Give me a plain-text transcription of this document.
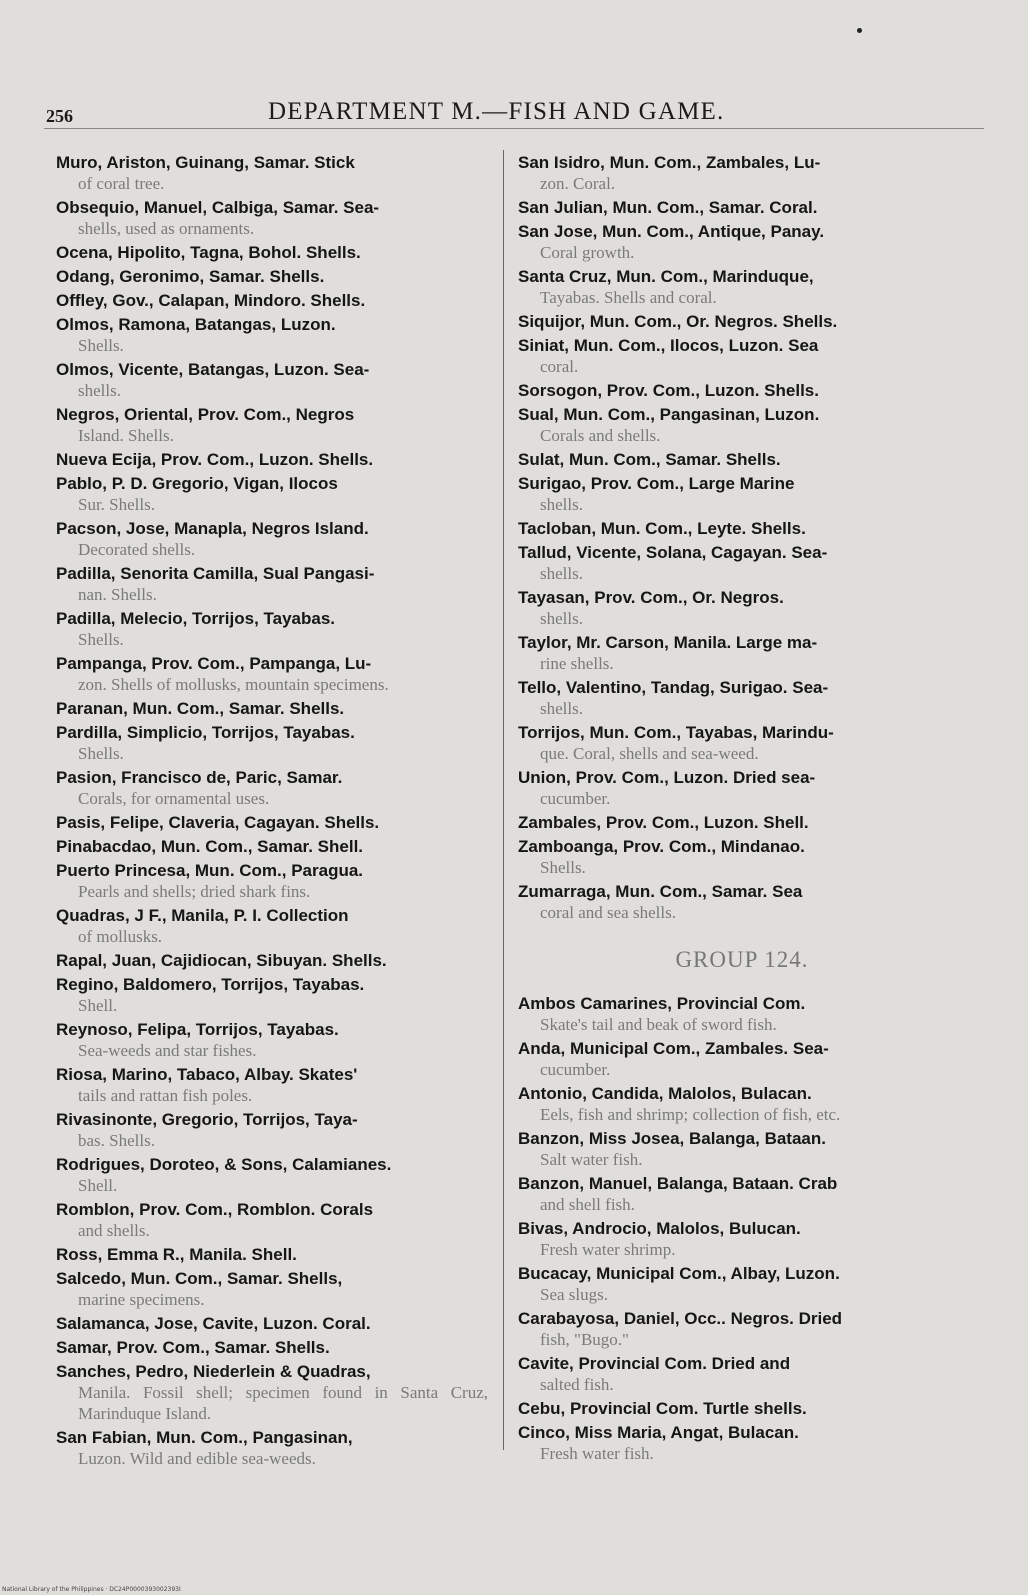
256	DEPARTMENT M.—FISH AND GAME.
Muro, Ariston, Guinang, Samar. Stick
of coral tree.
Obsequio, Manuel, Calbiga, Samar. Sea-
shells, used as ornaments.
Ocena, Hipolito, Tagna, Bohol. Shells.
Odang, Geronimo, Samar. Shells.
Offley, Gov., Calapan, Mindoro. Shells.
Olmos, Ramona, Batangas, Luzon.
Shells.
Olmos, Vicente, Batangas, Luzon. Sea-
shells.
Negros, Oriental, Prov. Com., Negros
Island. Shells.
Nueva Ecija, Prov. Com., Luzon. Shells.
Pablo, P. D. Gregorio, Vigan, Ilocos
Sur. Shells.
Pacson, Jose, Manapla, Negros Island.
Decorated shells.
Padilla, Senorita Camilla, Sual Pangasi-
nan. Shells.
Padilla, Melecio, Torrijos, Tayabas.
Shells.
Pampanga, Prov. Com., Pampanga, Lu-
zon. Shells of mollusks, mountain specimens.
Paranan, Mun. Com., Samar. Shells.
Pardilla, Simplicio, Torrijos, Tayabas.
Shells.
Pasion, Francisco de, Paric, Samar.
Corals, for ornamental uses.
Pasis, Felipe, Claveria, Cagayan. Shells.
Pinabacdao, Mun. Com., Samar. Shell.
Puerto Princesa, Mun. Com., Paragua.
Pearls and shells; dried shark fins.
Quadras, J F., Manila, P. I. Collection
of mollusks.
Rapal, Juan, Cajidiocan, Sibuyan. Shells.
Regino, Baldomero, Torrijos, Tayabas.
Shell.
Reynoso, Felipa, Torrijos, Tayabas.
Sea-weeds and star fishes.
Riosa, Marino, Tabaco, Albay. Skates'
tails and rattan fish poles.
Rivasinonte, Gregorio, Torrijos, Taya-
bas. Shells.
Rodrigues, Doroteo, & Sons, Calamianes.
Shell.
Romblon, Prov. Com., Romblon. Corals
and shells.
Ross, Emma R., Manila. Shell.
Salcedo, Mun. Com., Samar. Shells,
marine specimens.
Salamanca, Jose, Cavite, Luzon. Coral.
Samar, Prov. Com., Samar. Shells.
Sanches, Pedro, Niederlein & Quadras,
Manila. Fossil shell; specimen found in Santa Cruz, Marinduque Island.
San Fabian, Mun. Com., Pangasinan,
Luzon. Wild and edible sea-weeds.
San Isidro, Mun. Com., Zambales, Lu-
zon. Coral.
San Julian, Mun. Com., Samar. Coral.
San Jose, Mun. Com., Antique, Panay.
Coral growth.
Santa Cruz, Mun. Com., Marinduque,
Tayabas. Shells and coral.
Siquijor, Mun. Com., Or. Negros. Shells.
Siniat, Mun. Com., Ilocos, Luzon. Sea
coral.
Sorsogon, Prov. Com., Luzon. Shells.
Sual, Mun. Com., Pangasinan, Luzon.
Corals and shells.
Sulat, Mun. Com., Samar. Shells.
Surigao, Prov. Com., Large Marine
shells.
Tacloban, Mun. Com., Leyte. Shells.
Tallud, Vicente, Solana, Cagayan. Sea-
shells.
Tayasan, Prov. Com., Or. Negros.
shells.
Taylor, Mr. Carson, Manila. Large ma-
rine shells.
Tello, Valentino, Tandag, Surigao. Sea-
shells.
Torrijos, Mun. Com., Tayabas, Marindu-
que. Coral, shells and sea-weed.
Union, Prov. Com., Luzon. Dried sea-
cucumber.
Zambales, Prov. Com., Luzon. Shell.
Zamboanga, Prov. Com., Mindanao.
Shells.
Zumarraga, Mun. Com., Samar. Sea
coral and sea shells.
GROUP 124.
Ambos Camarines, Provincial Com.
Skate's tail and beak of sword fish.
Anda, Municipal Com., Zambales. Sea-
cucumber.
Antonio, Candida, Malolos, Bulacan.
Eels, fish and shrimp; collection of fish, etc.
Banzon, Miss Josea, Balanga, Bataan.
Salt water fish.
Banzon, Manuel, Balanga, Bataan. Crab
and shell fish.
Bivas, Androcio, Malolos, Bulucan.
Fresh water shrimp.
Bucacay, Municipal Com., Albay, Luzon.
Sea slugs.
Carabayosa, Daniel, Occ.. Negros. Dried
fish, "Bugo."
Cavite, Provincial Com. Dried and
salted fish.
Cebu, Provincial Com. Turtle shells.
Cinco, Miss Maria, Angat, Bulacan.
Fresh water fish.
National Library of the Philippines · DC24P0000393002393I
